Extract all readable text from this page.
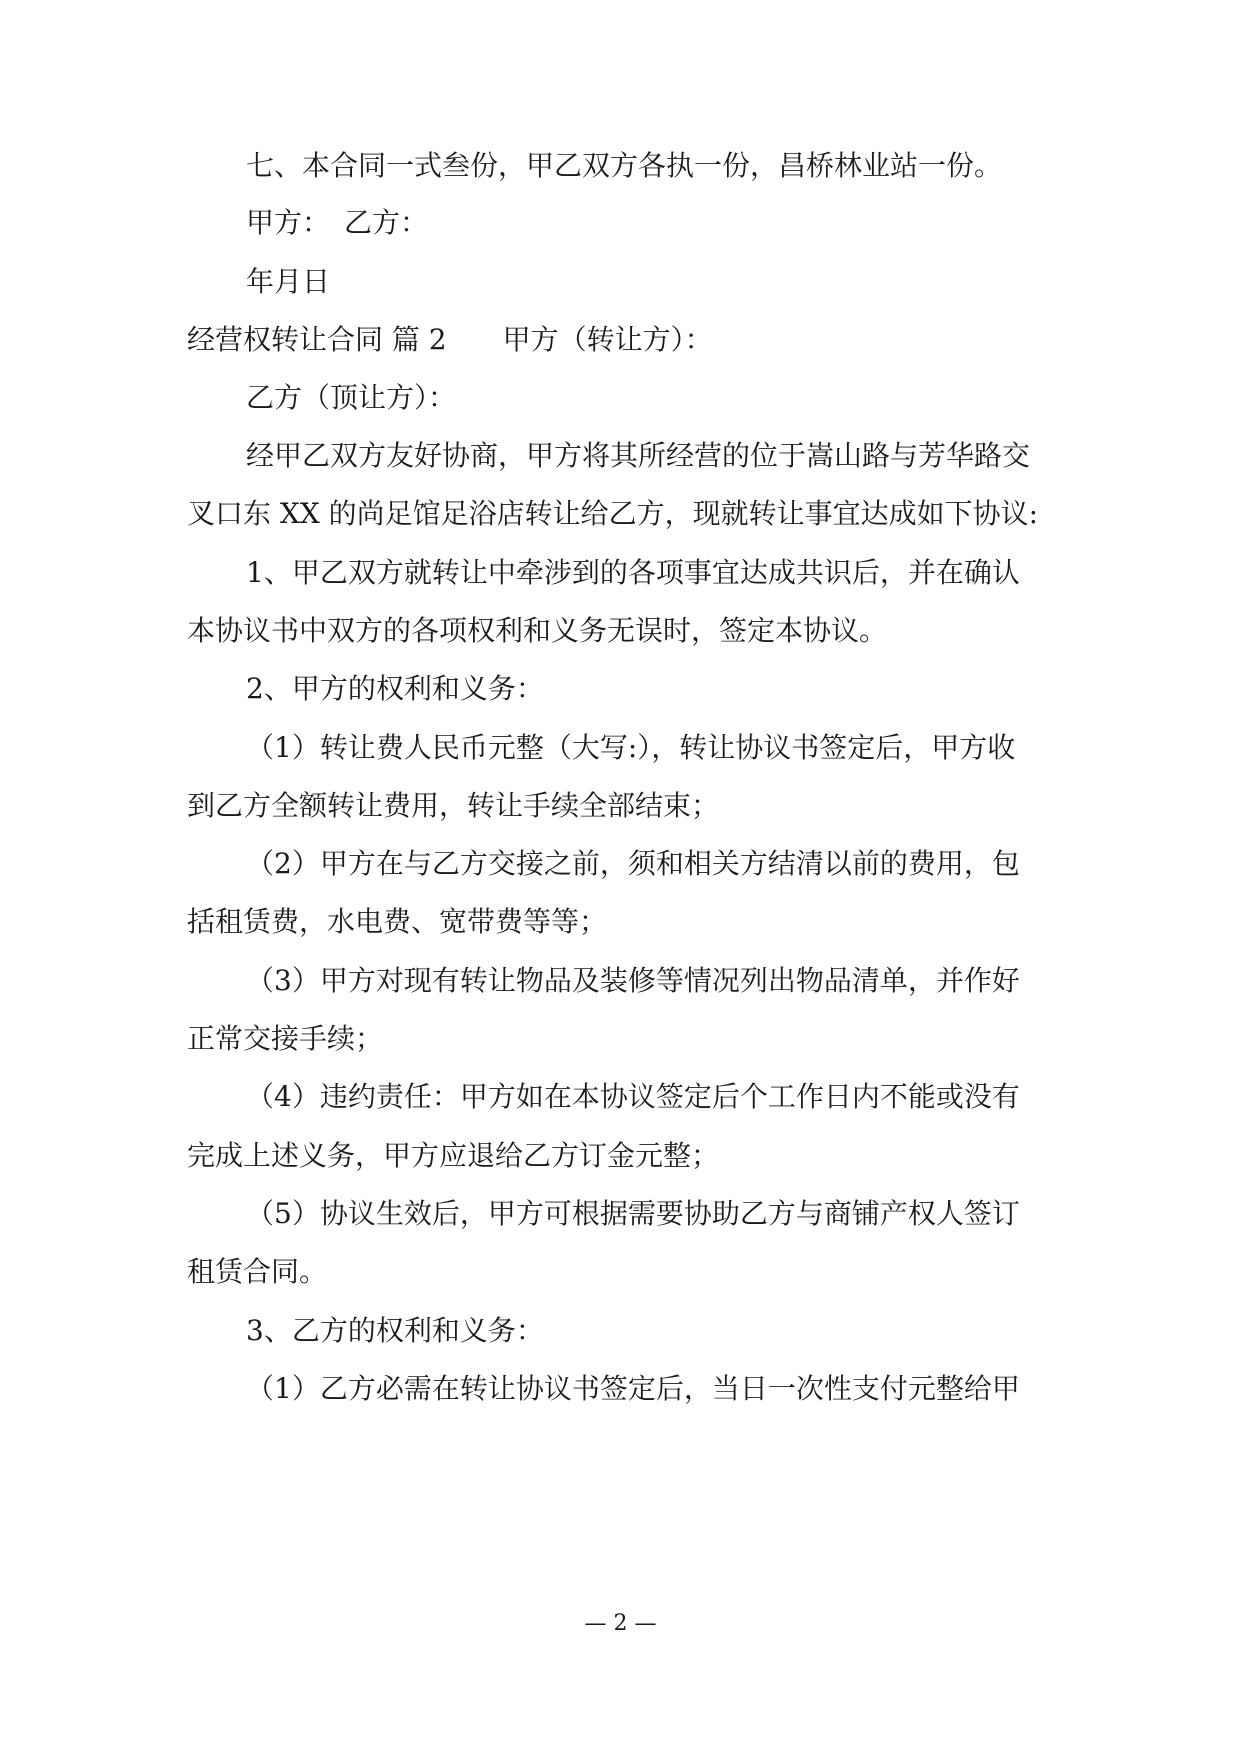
七、本合同一式叁份，甲乙双方各执一份，昌桥林业站一份。
甲方：　乙方：
年月日
经营权转让合同 篇 2 甲方（转让方）：
乙方（顶让方）：
经甲乙双方友好协商，甲方将其所经营的位于嵩山路与芳华路交
叉口东 XX 的尚足馆足浴店转让给乙方，现就转让事宜达成如下协议:
1、甲乙双方就转让中牵涉到的各项事宜达成共识后，并在确认
本协议书中双方的各项权利和义务无误时，签定本协议。
2、甲方的权利和义务：
（1）转让费人民币元整（大写:），转让协议书签定后，甲方收
到乙方全额转让费用，转让手续全部结束；
（2）甲方在与乙方交接之前，须和相关方结清以前的费用，包
括租赁费，水电费、宽带费等等；
（3）甲方对现有转让物品及装修等情况列出物品清单，并作好
正常交接手续；
（4）违约责任：甲方如在本协议签定后个工作日内不能或没有
完成上述义务，甲方应退给乙方订金元整；
（5）协议生效后，甲方可根据需要协助乙方与商铺产权人签订
租赁合同。
3、乙方的权利和义务：
（1）乙方必需在转让协议书签定后，当日一次性支付元整给甲
— 2 —
